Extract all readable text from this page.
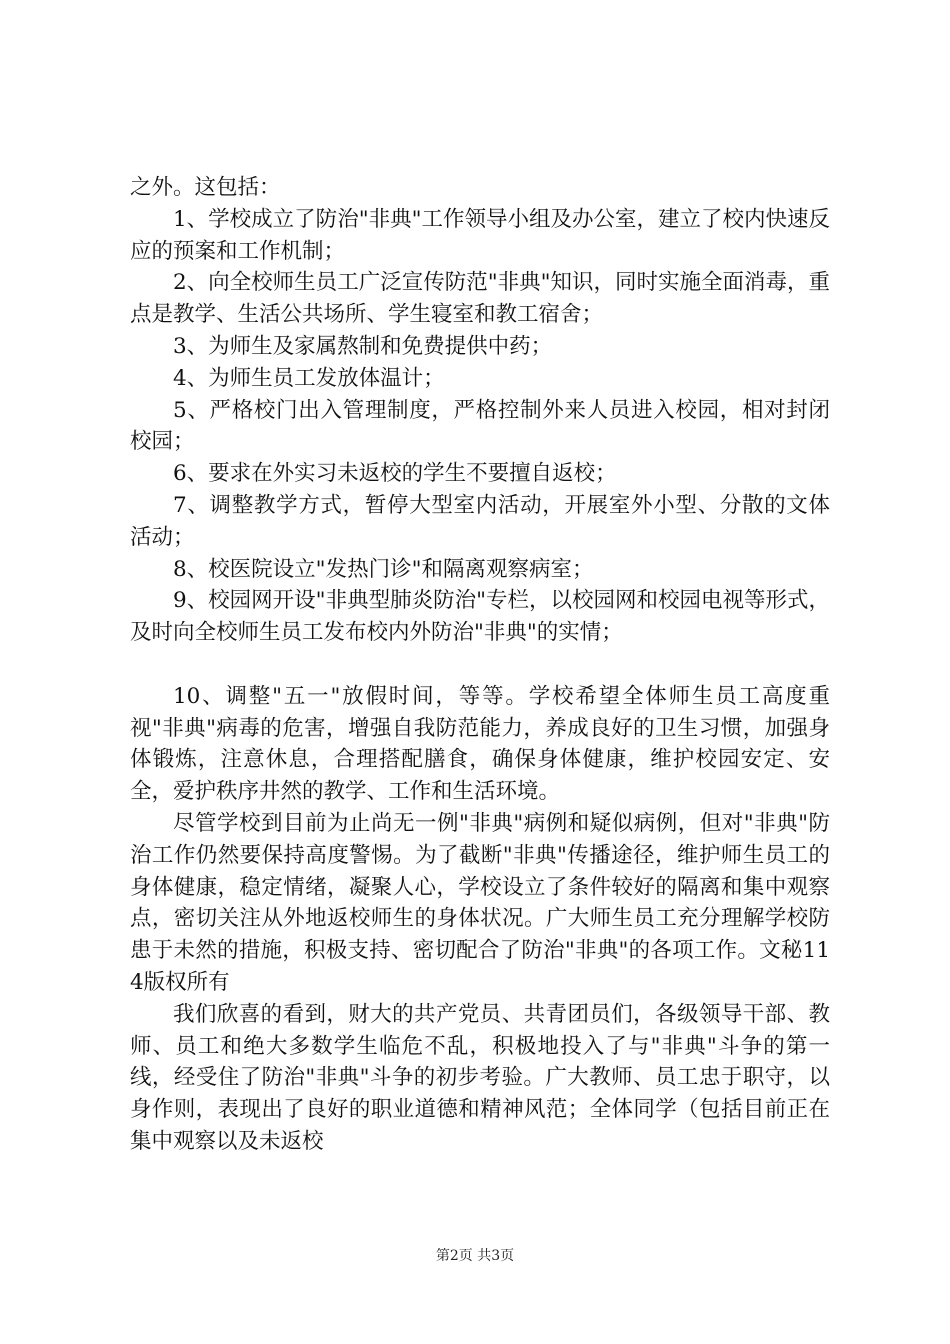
之外。这包括：

1、学校成立了防治"非典"工作领导小组及办公室，建立了校内快速反应的预案和工作机制；

2、向全校师生员工广泛宣传防范"非典"知识，同时实施全面消毒，重点是教学、生活公共场所、学生寝室和教工宿舍；

3、为师生及家属熬制和免费提供中药；

4、为师生员工发放体温计；

5、严格校门出入管理制度，严格控制外来人员进入校园，相对封闭校园；

6、要求在外实习未返校的学生不要擅自返校；

7、调整教学方式，暂停大型室内活动，开展室外小型、分散的文体活动；

8、校医院设立"发热门诊"和隔离观察病室；

9、校园网开设"非典型肺炎防治"专栏，以校园网和校园电视等形式，及时向全校师生员工发布校内外防治"非典"的实情；

10、调整"五一"放假时间，等等。学校希望全体师生员工高度重视"非典"病毒的危害，增强自我防范能力，养成良好的卫生习惯，加强身体锻炼，注意休息，合理搭配膳食，确保身体健康，维护校园安定、安全，爱护秩序井然的教学、工作和生活环境。

尽管学校到目前为止尚无一例"非典"病例和疑似病例，但对"非典"防治工作仍然要保持高度警惕。为了截断"非典"传播途径，维护师生员工的身体健康，稳定情绪，凝聚人心，学校设立了条件较好的隔离和集中观察点，密切关注从外地返校师生的身体状况。广大师生员工充分理解学校防患于未然的措施，积极支持、密切配合了防治"非典"的各项工作。文秘114版权所有

我们欣喜的看到，财大的共产党员、共青团员们，各级领导干部、教师、员工和绝大多数学生临危不乱，积极地投入了与"非典"斗争的第一线，经受住了防治"非典"斗争的初步考验。广大教师、员工忠于职守，以身作则，表现出了良好的职业道德和精神风范；全体同学（包括目前正在集中观察以及未返校

第2页 共3页
